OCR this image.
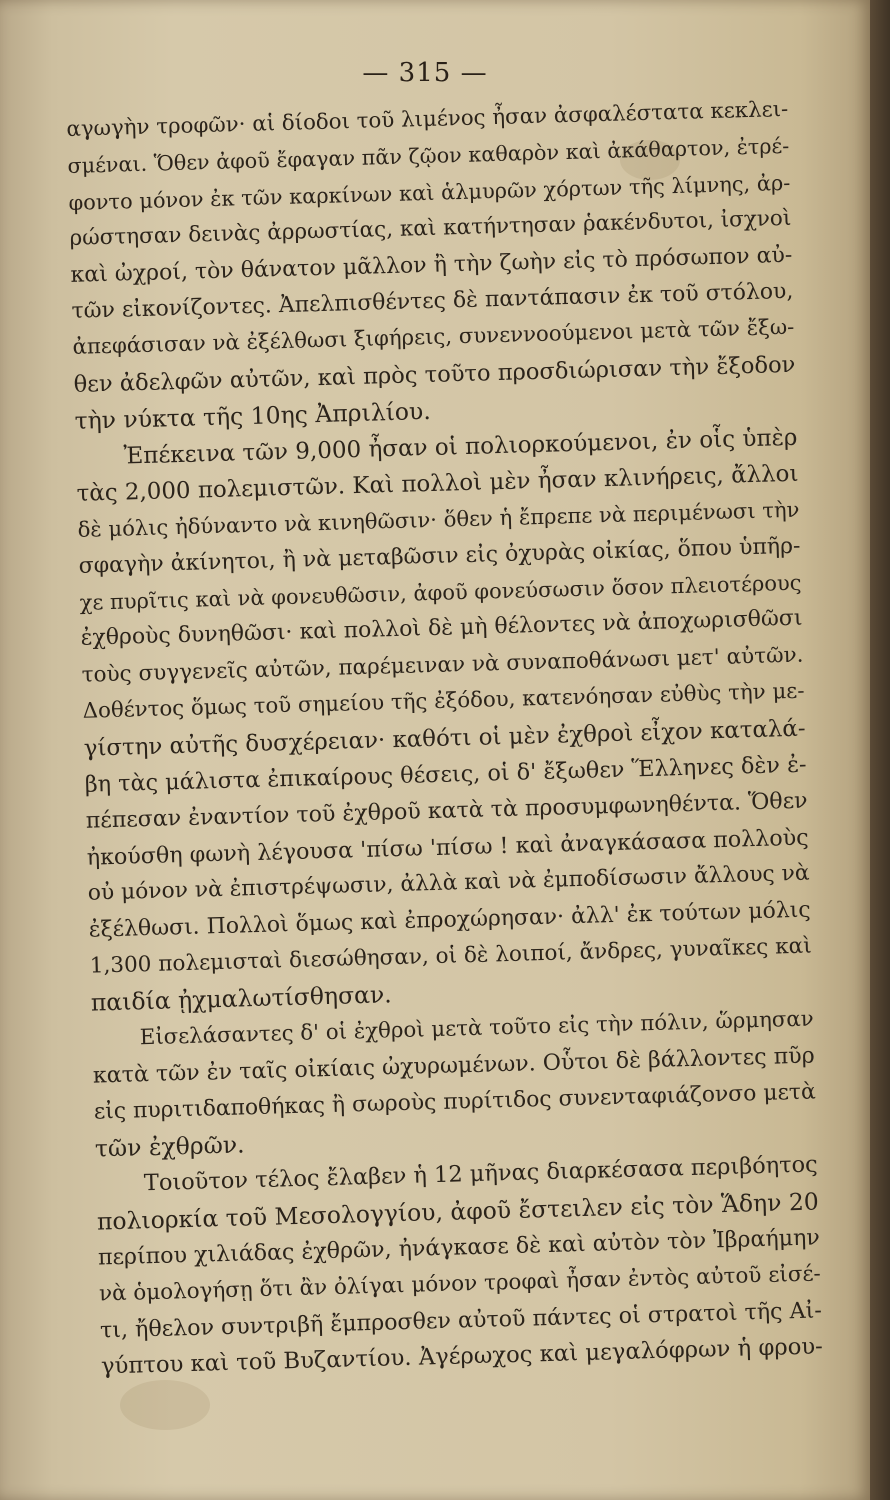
— 315 —
αγωγὴν τροφῶν· αἱ δίοδοι τοῦ λιμένος ἦσαν ἀσφαλέστατα κεκλει-
σμέναι. Ὅθεν ἀφοῦ ἔφαγαν πᾶν ζῷον καθαρὸν καὶ ἀκάθαρτον, ἐτρέ-
φοντο μόνον ἐκ τῶν καρκίνων καὶ ἁλμυρῶν χόρτων τῆς λίμνης, ἀρ-
ρώστησαν δεινὰς ἀρρωστίας, καὶ κατήντησαν ῥακένδυτοι, ἰσχνοὶ
καὶ ὠχροί, τὸν θάνατον μᾶλλον ἢ τὴν ζωὴν εἰς τὸ πρόσωπον αὐ-
τῶν εἰκονίζοντες. Ἀπελπισθέντες δὲ παντάπασιν ἐκ τοῦ στόλου,
ἀπεφάσισαν νὰ ἐξέλθωσι ξιφήρεις, συνεννοούμενοι μετὰ τῶν ἔξω-
θεν ἀδελφῶν αὐτῶν, καὶ πρὸς τοῦτο προσδιώρισαν τὴν ἔξοδον
τὴν νύκτα τῆς 10ης Ἀπριλίου.
Ἐπέκεινα τῶν 9,000 ἦσαν οἱ πολιορκούμενοι, ἐν οἷς ὑπὲρ
τὰς 2,000 πολεμιστῶν. Καὶ πολλοὶ μὲν ἦσαν κλινήρεις, ἄλλοι
δὲ μόλις ἠδύναντο νὰ κινηθῶσιν· ὅθεν ἡ ἔπρεπε νὰ περιμένωσι τὴν
σφαγὴν ἀκίνητοι, ἢ νὰ μεταβῶσιν εἰς ὀχυρὰς οἰκίας, ὅπου ὑπῆρ-
χε πυρῖτις καὶ νὰ φονευθῶσιν, ἀφοῦ φονεύσωσιν ὅσον πλειοτέρους
ἐχθροὺς δυνηθῶσι· καὶ πολλοὶ δὲ μὴ θέλοντες νὰ ἀποχωρισθῶσι
τοὺς συγγενεῖς αὐτῶν, παρέμειναν νὰ συναποθάνωσι μετ' αὐτῶν.
Δοθέντος ὅμως τοῦ σημείου τῆς ἐξόδου, κατενόησαν εὐθὺς τὴν με-
γίστην αὐτῆς δυσχέρειαν· καθότι οἱ μὲν ἐχθροὶ εἶχον καταλά-
βη τὰς μάλιστα ἐπικαίρους θέσεις, οἱ δ' ἔξωθεν Ἕλληνες δὲν ἐ-
πέπεσαν ἐναντίον τοῦ ἐχθροῦ κατὰ τὰ προσυμφωνηθέντα. Ὅθεν
ἠκούσθη φωνὴ λέγουσα 'πίσω 'πίσω ! καὶ ἀναγκάσασα πολλοὺς
οὐ μόνον νὰ ἐπιστρέψωσιν, ἀλλὰ καὶ νὰ ἐμποδίσωσιν ἄλλους νὰ
ἐξέλθωσι. Πολλοὶ ὅμως καὶ ἐπροχώρησαν· ἀλλ' ἐκ τούτων μόλις
1,300 πολεμισταὶ διεσώθησαν, οἱ δὲ λοιποί, ἄνδρες, γυναῖκες καὶ
παιδία ᾐχμαλωτίσθησαν.
Εἰσελάσαντες δ' οἱ ἐχθροὶ μετὰ τοῦτο εἰς τὴν πόλιν, ὥρμησαν
κατὰ τῶν ἐν ταῖς οἰκίαις ὠχυρωμένων. Οὗτοι δὲ βάλλοντες πῦρ
εἰς πυριτιδαποθήκας ἢ σωροὺς πυρίτιδος συνενταφιάζονσο μετὰ
τῶν ἐχθρῶν.
Τοιοῦτον τέλος ἔλαβεν ἡ 12 μῆνας διαρκέσασα περιβόητος
πολιορκία τοῦ Μεσολογγίου, ἀφοῦ ἔστειλεν εἰς τὸν Ἅδην 20
περίπου χιλιάδας ἐχθρῶν, ἠνάγκασε δὲ καὶ αὐτὸν τὸν Ἰβραήμην
νὰ ὁμολογήσῃ ὅτι ἂν ὀλίγαι μόνον τροφαὶ ἦσαν ἐντὸς αὐτοῦ εἰσέ-
τι, ἤθελον συντριβῆ ἔμπροσθεν αὐτοῦ πάντες οἱ στρατοὶ τῆς Αἰ-
γύπτου καὶ τοῦ Βυζαντίου. Ἀγέρωχος καὶ μεγαλόφρων ἡ φρου-
